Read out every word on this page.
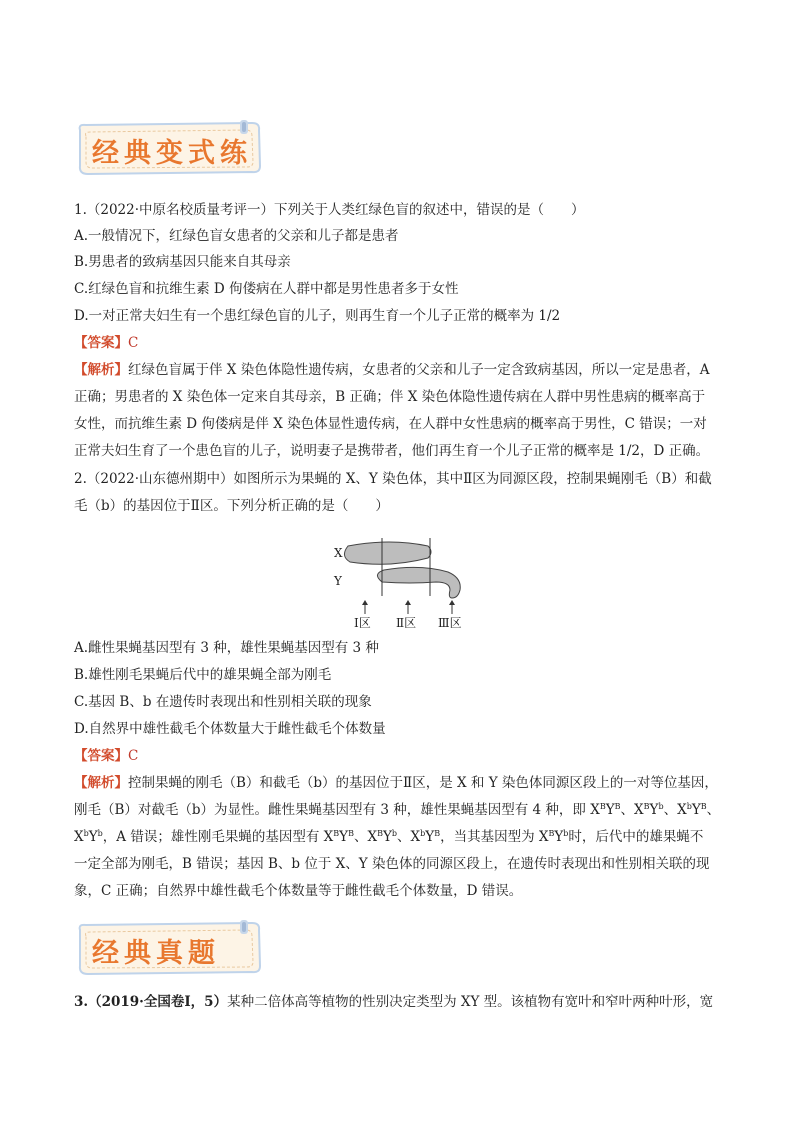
经典变式练
1.（2022·中原名校质量考评一）下列关于人类红绿色盲的叙述中，错误的是（　　）
A.一般情况下，红绿色盲女患者的父亲和儿子都是患者
B.男患者的致病基因只能来自其母亲
C.红绿色盲和抗维生素 D 佝偻病在人群中都是男性患者多于女性
D.一对正常夫妇生有一个患红绿色盲的儿子，则再生育一个儿子正常的概率为 1/2
【答案】C
【解析】红绿色盲属于伴 X 染色体隐性遗传病，女患者的父亲和儿子一定含致病基因，所以一定是患者，A
正确；男患者的 X 染色体一定来自其母亲，B 正确；伴 X 染色体隐性遗传病在人群中男性患病的概率高于
女性，而抗维生素 D 佝偻病是伴 X 染色体显性遗传病，在人群中女性患病的概率高于男性，C 错误；一对
正常夫妇生育了一个患色盲的儿子，说明妻子是携带者，他们再生育一个儿子正常的概率是 1/2，D 正确。
2.（2022·山东德州期中）如图所示为果蝇的 X、Y 染色体，其中Ⅱ区为同源区段，控制果蝇刚毛（B）和截
毛（b）的基因位于Ⅱ区。下列分析正确的是（　　）
X
Y
Ⅰ区 Ⅱ区 Ⅲ区
A.雌性果蝇基因型有 3 种，雄性果蝇基因型有 3 种
B.雄性刚毛果蝇后代中的雄果蝇全部为刚毛
C.基因 B、b 在遗传时表现出和性别相关联的现象
D.自然界中雄性截毛个体数量大于雌性截毛个体数量
【答案】C
【解析】控制果蝇的刚毛（B）和截毛（b）的基因位于Ⅱ区，是 X 和 Y 染色体同源区段上的一对等位基因，
刚毛（B）对截毛（b）为显性。雌性果蝇基因型有 3 种，雄性果蝇基因型有 4 种，即 $X^BY^B$、$X^BY^b$、$X^bY^B$、
$X^bY^b$，A 错误；雄性刚毛果蝇的基因型有 $X^BY^B$、$X^BY^b$、$X^bY^B$，当其基因型为 $X^BY^b$时，后代中的雄果蝇不
一定全部为刚毛，B 错误；基因 B、b 位于 X、Y 染色体的同源区段上，在遗传时表现出和性别相关联的现
象，C 正确；自然界中雄性截毛个体数量等于雌性截毛个体数量，D 错误。
经典真题
3.（2019·全国卷Ⅰ，5）某种二倍体高等植物的性别决定类型为 XY 型。该植物有宽叶和窄叶两种叶形，宽
